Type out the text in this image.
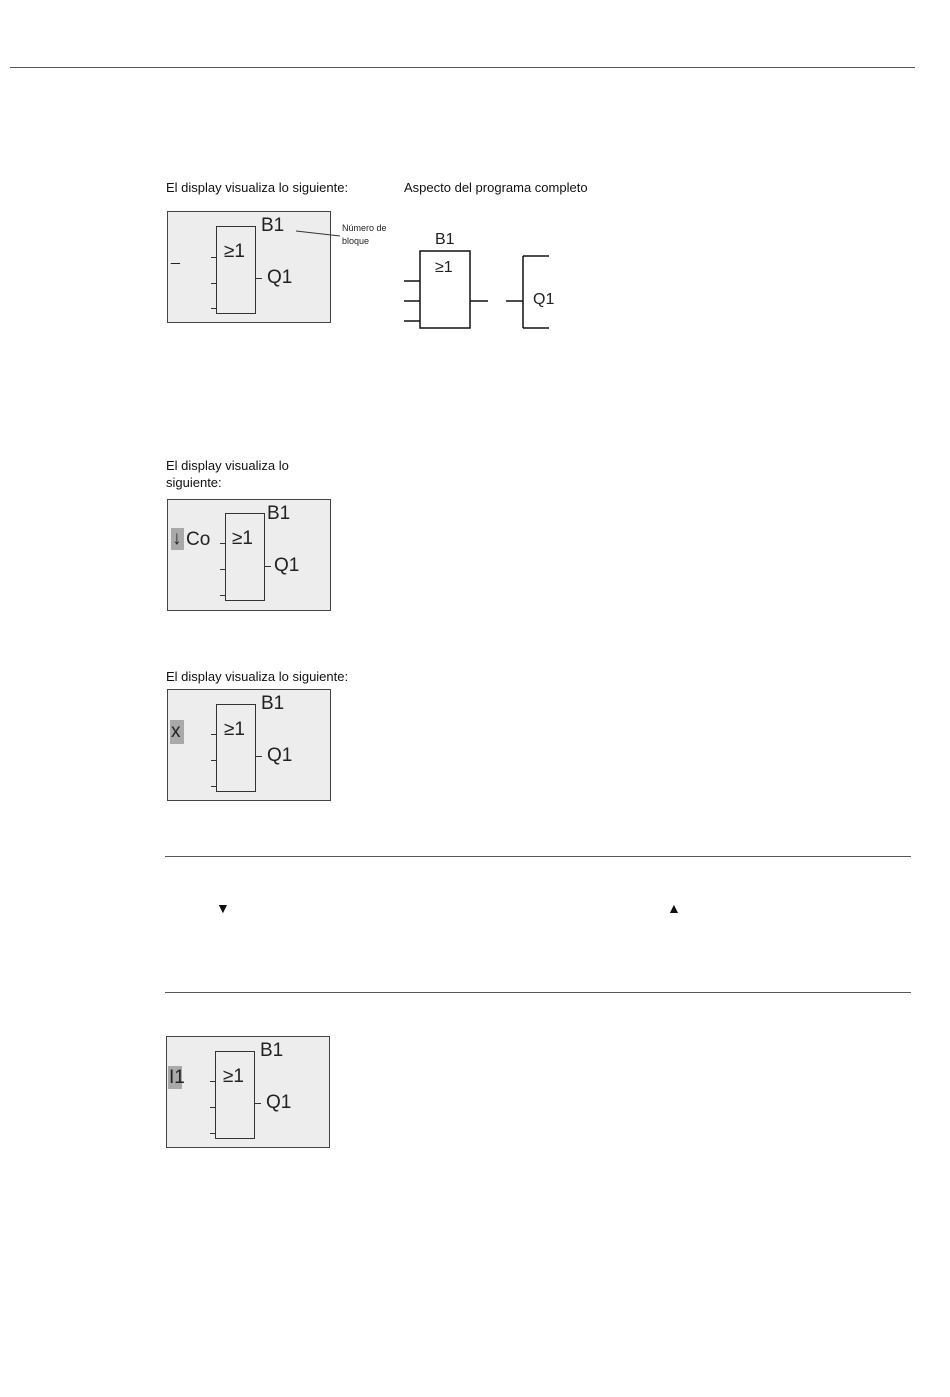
El display visualiza lo siguiente:	Aspecto del programa completo
_ ≥1
B1
Q1
Número de bloque	B1
≥1
Q1
El display visualiza lo siguiente:
↓ Co ≥1
B1
Q1
El display visualiza lo siguiente:
x ≥1
B1
Q1
▼	▲
I1 ≥1
B1
Q1
